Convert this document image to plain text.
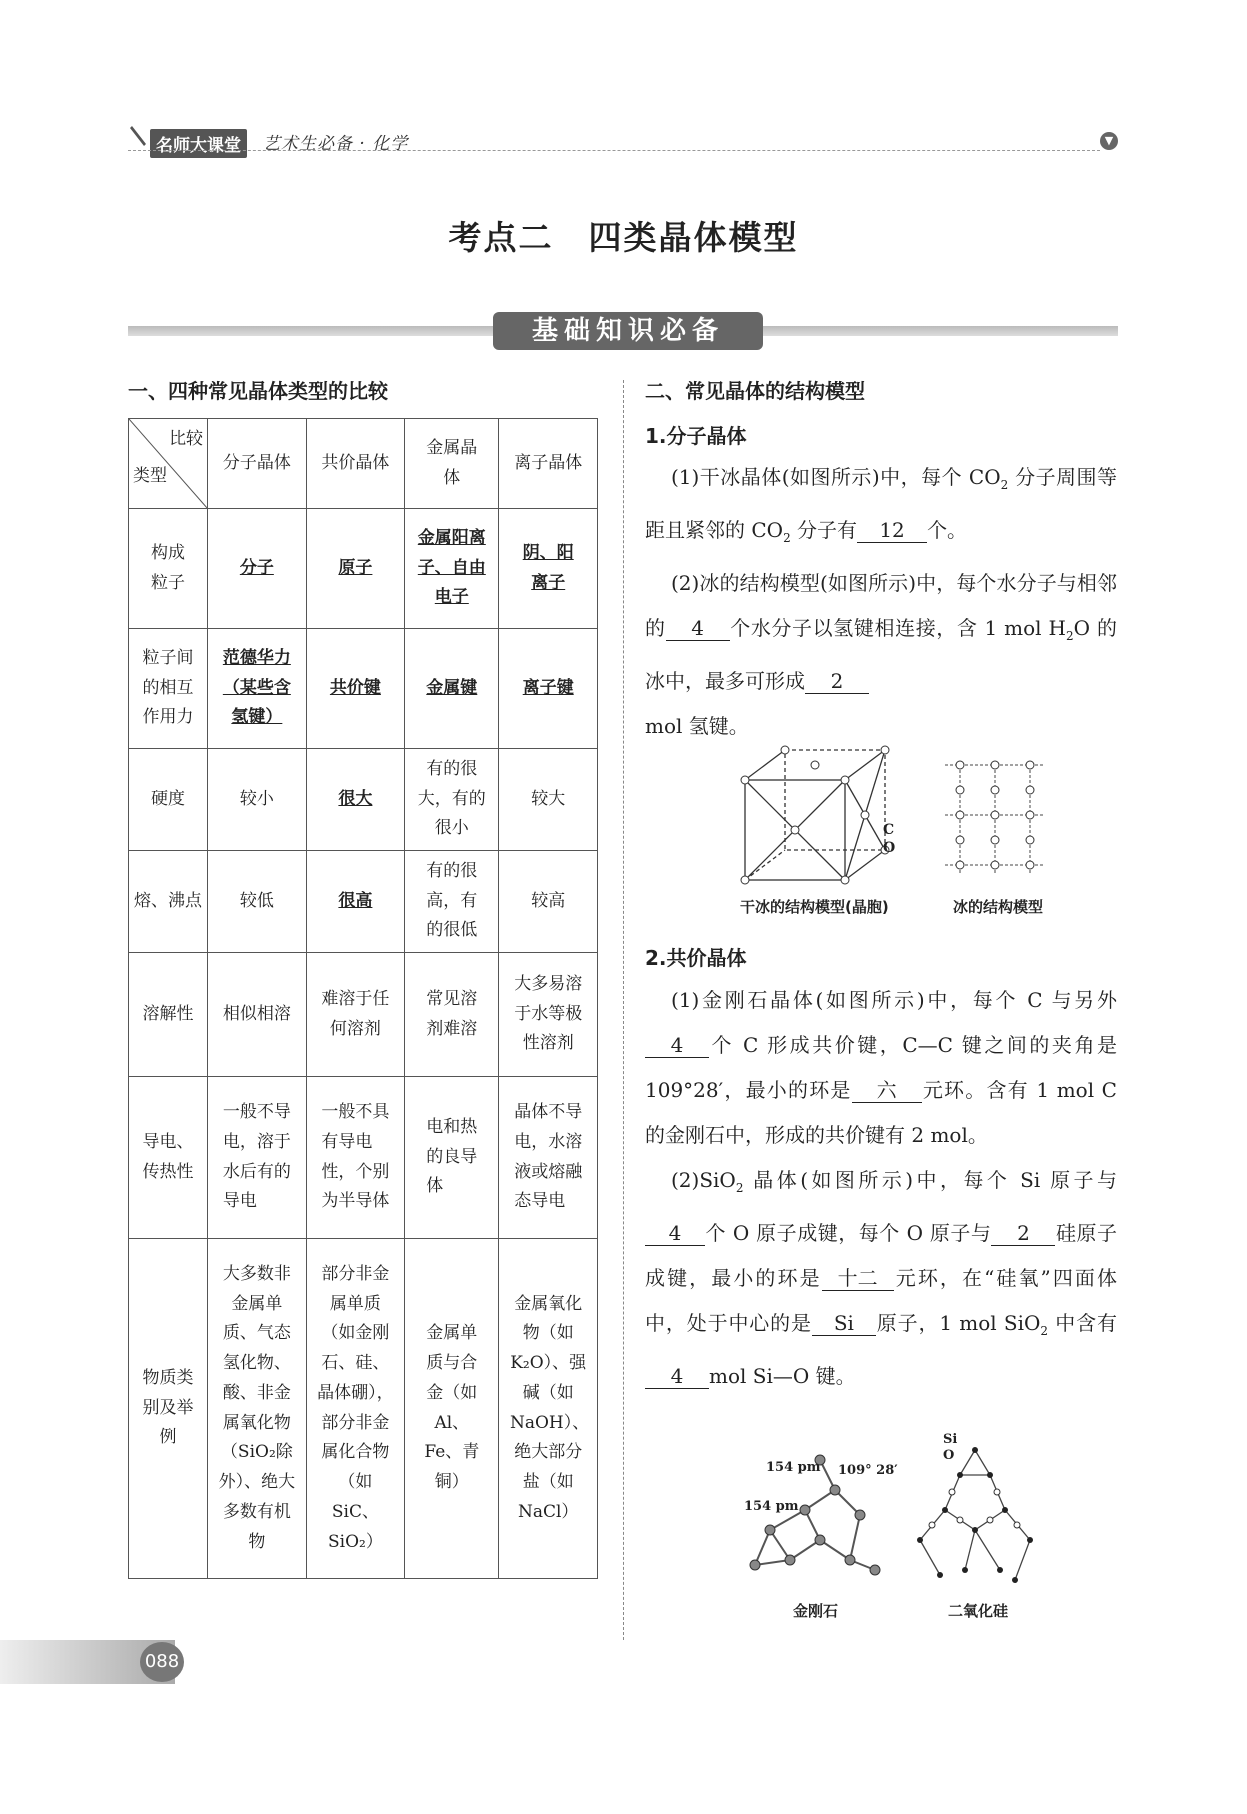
名师大课堂	艺术生必备 · 化学	▼
考点二　四类晶体模型
基础知识必备
一、四种常见晶体类型的比较
比较
类型	分子晶体	共价晶体	金属晶体	离子晶体

构成粒子	分子	原子	金属阳离子、自由电子	阴、阳离子

粒子间的相互作用力	范德华力（某些含氢键）	共价键	金属键	离子键
硬度	较小	很大	有的很大，有的很小	较大
熔、沸点	较低	很高	有的很高，有的很低	较高
溶解性	相似相溶	难溶于任何溶剂	常见溶剂难溶	大多易溶于水等极性溶剂

导电、传热性	一般不导电，溶于水后有的导电	一般不具有导电性，个别为半导体	电和热的良导体	晶体不导电，水溶液或熔融态导电

物质类别及举例	大多数非金属单质、气态氢化物、酸、非金属氧化物（SiO₂除外）、绝大多数有机物	部分非金属单质（如金刚石、硅、晶体硼），部分非金属化合物（如SiC、SiO₂）	金属单质与合金（如Al、Fe、青铜）	金属氧化物（如K₂O）、强碱（如NaOH）、绝大部分盐（如NaCl）
二、常见晶体的结构模型
1.分子晶体

(1)干冰晶体(如图所示)中，每个 $CO_2$ 分子周围等距且紧邻的 $CO_2$ 分子有 12 个。

(2)冰的结构模型(如图所示)中，每个水分子与相邻的 4 个水分子以氢键相连接，含 1 mol $H_2O$ 的冰中，最多可形成 2

mol 氢键。

C
O
干冰的结构模型(晶胞)	冰的结构模型
2.共价晶体

(1)金刚石晶体(如图所示)中，每个 C 与另外4 个 C 形成共价键，C—C 键之间的夹角是 109°28′，最小的环是 六 元环。含有 1 mol C 的金刚石中，形成的共价键有 2 mol。

(2)SiO$_2$ 晶体(如图所示)中，每个 Si 原子与4 个 O 原子成键，每个 O 原子与 2 硅原子成键，最小的环是 十二 元环，在“硅氧”四面体中，处于中心的是 Si 原子，1 mol SiO$_2$ 中含有4 mol Si—O 键。

154 pm 109° 28′
154 pm
金刚石
Si
O
二氧化硅
088
